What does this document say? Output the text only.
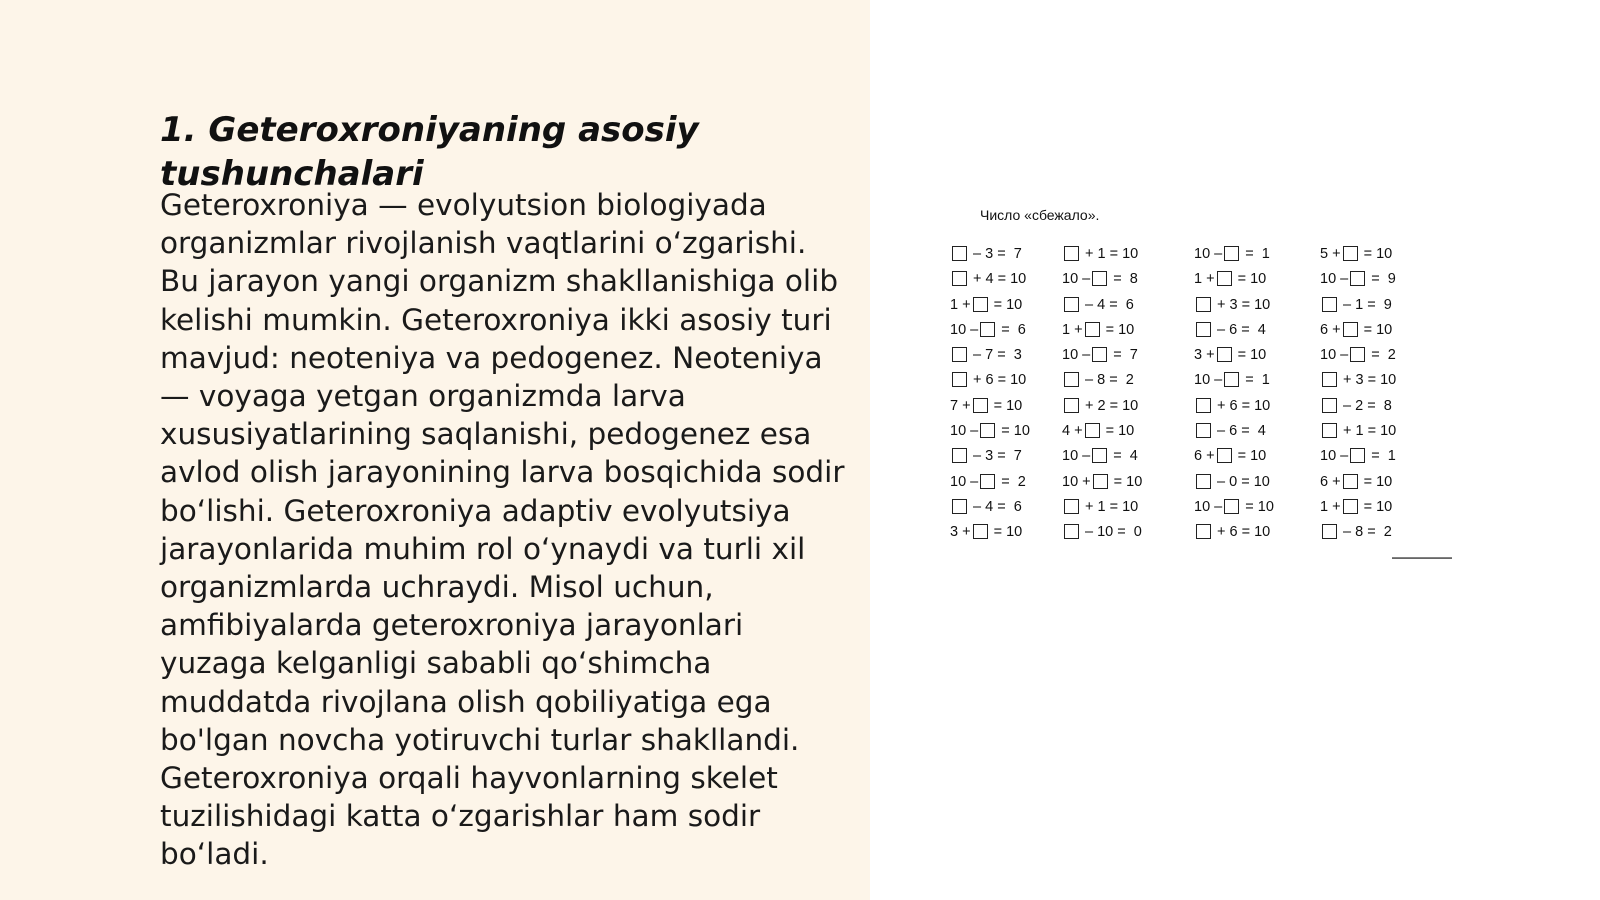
1. Geteroxroniyaning asosiy tushunchalari

Geteroxroniya — evolyutsion biologiyada organizmlar rivojlanish vaqtlarini oʻzgarishi. Bu jarayon yangi organizm shakllanishiga olib kelishi mumkin. Geteroxroniya ikki asosiy turi mavjud: neoteniya va pedogenez. Neoteniya — voyaga yetgan organizmda larva xususiyatlarining saqlanishi, pedogenez esa avlod olish jarayonining larva bosqichida sodir boʻlishi. Geteroxroniya adaptiv evolyutsiya jarayonlarida muhim rol oʻynaydi va turli xil organizmlarda uchraydi. Misol uchun, amfibiyalarda geteroxroniya jarayonlari yuzaga kelganligi sababli qoʻshimcha muddatda rivojlana olish qobiliyatiga ega bo'lgan novcha yotiruvchi turlar shakllandi. Geteroxroniya orqali hayvonlarning skelet tuzilishidagi katta oʻzgarishlar ham sodir boʻladi.

Число «сбежало».
– 3 =  7	+ 1 = 10	10 – =  1	5 + = 10
+ 4 = 10	10 – =  8	1 + = 10	10 – =  9
1 + = 10	– 4 =  6	+ 3 = 10	– 1 =  9
10 – =  6	1 + = 10	– 6 =  4	6 + = 10
– 7 =  3	10 – =  7	3 + = 10	10 – =  2
+ 6 = 10	– 8 =  2	10 – =  1	+ 3 = 10
7 + = 10	+ 2 = 10	+ 6 = 10	– 2 =  8
10 – = 10	4 + = 10	– 6 =  4	+ 1 = 10
– 3 =  7	10 – =  4	6 + = 10	10 – =  1
10 – =  2	10 + = 10	– 0 = 10	6 + = 10
– 4 =  6	+ 1 = 10	10 – = 10	1 + = 10
3 + = 10	– 10 =  0	+ 6 = 10	– 8 =  2
▬▬▬▬▬▬▬▬▬▬
